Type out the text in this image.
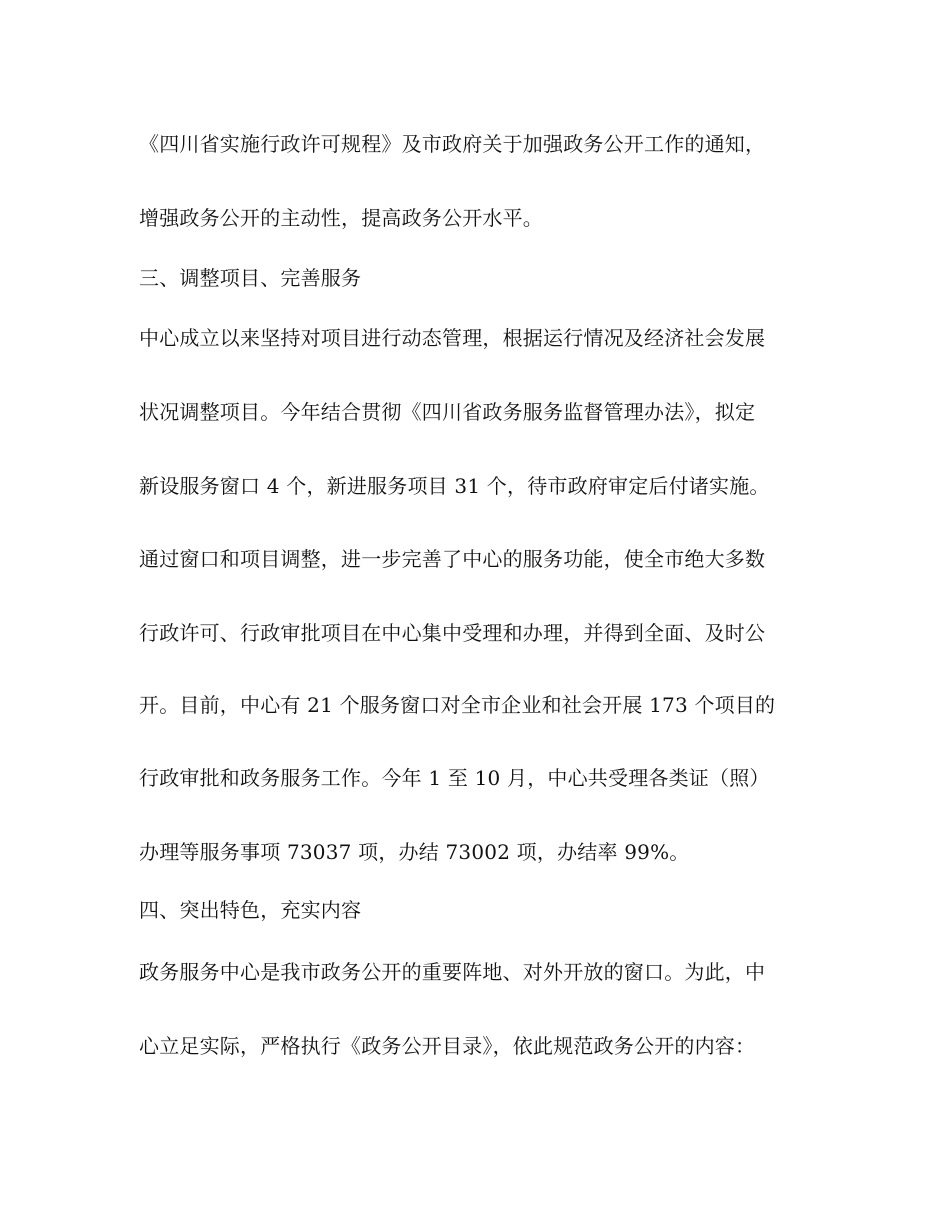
《四川省实施行政许可规程》及市政府关于加强政务公开工作的通知，
增强政务公开的主动性，提高政务公开水平。
三、调整项目、完善服务
中心成立以来坚持对项目进行动态管理，根据运行情况及经济社会发展
状况调整项目。今年结合贯彻《四川省政务服务监督管理办法》，拟定
新设服务窗口 4 个，新进服务项目 31 个，待市政府审定后付诸实施。
通过窗口和项目调整，进一步完善了中心的服务功能，使全市绝大多数
行政许可、行政审批项目在中心集中受理和办理，并得到全面、及时公
开。目前，中心有 21 个服务窗口对全市企业和社会开展 173 个项目的
行政审批和政务服务工作。今年 1 至 10 月，中心共受理各类证（照）
办理等服务事项 73037 项，办结 73002 项，办结率 99%。
四、突出特色，充实内容
政务服务中心是我市政务公开的重要阵地、对外开放的窗口。为此，中
心立足实际，严格执行《政务公开目录》，依此规范政务公开的内容：
